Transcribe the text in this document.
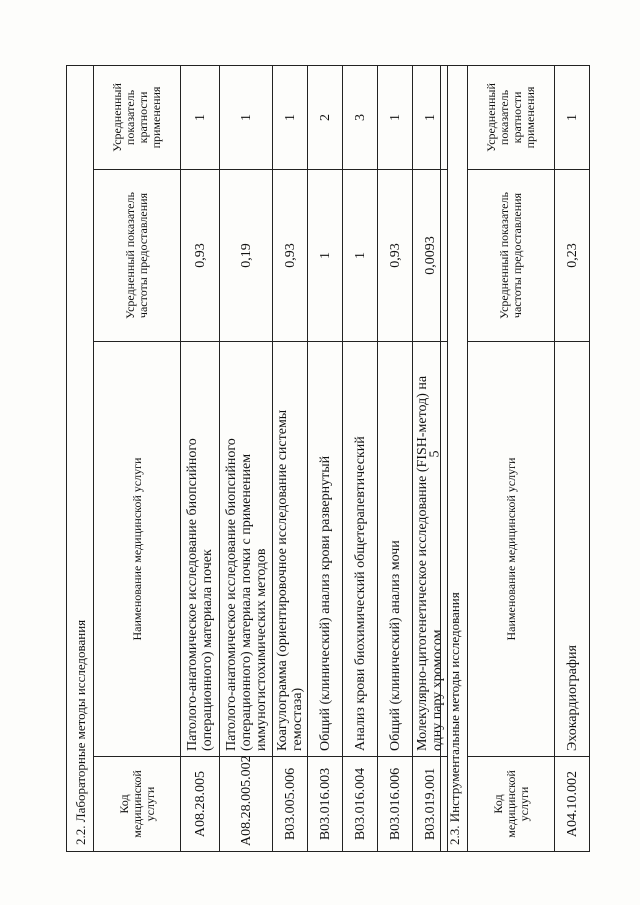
5
2.2. Лабораторные методы исследования			
Код медицинской услуги	Наименование медицинской услуги	Усредненный показатель частоты предоставления	Усредненный показатель кратности применения
A08.28.005	Патолого-анатомическое исследование биопсийного (операционного) материала почек	0,93	1
A08.28.005.002	Патолого-анатомическое исследование биопсийного (операционного) материала почки с применением иммуногистохимических методов	0,19	1
B03.005.006	Коагулограмма (ориентировочное исследование системы гемостаза)	0,93	1
B03.016.003	Общий (клинический) анализ крови развернутый	1	2
B03.016.004	Анализ крови биохимический общетерапевтический	1	3
B03.016.006	Общий (клинический) анализ мочи	0,93	1
B03.019.001	Молекулярно-цитогенетическое исследование (FISH-метод) на одну пару хромосом	0,0093	1
2.3. Инструментальные методы исследования			
Код медицинской услуги	Наименование медицинской услуги	Усредненный показатель частоты предоставления	Усредненный показатель кратности применения
A04.10.002	Эхокардиография	0,23	1
